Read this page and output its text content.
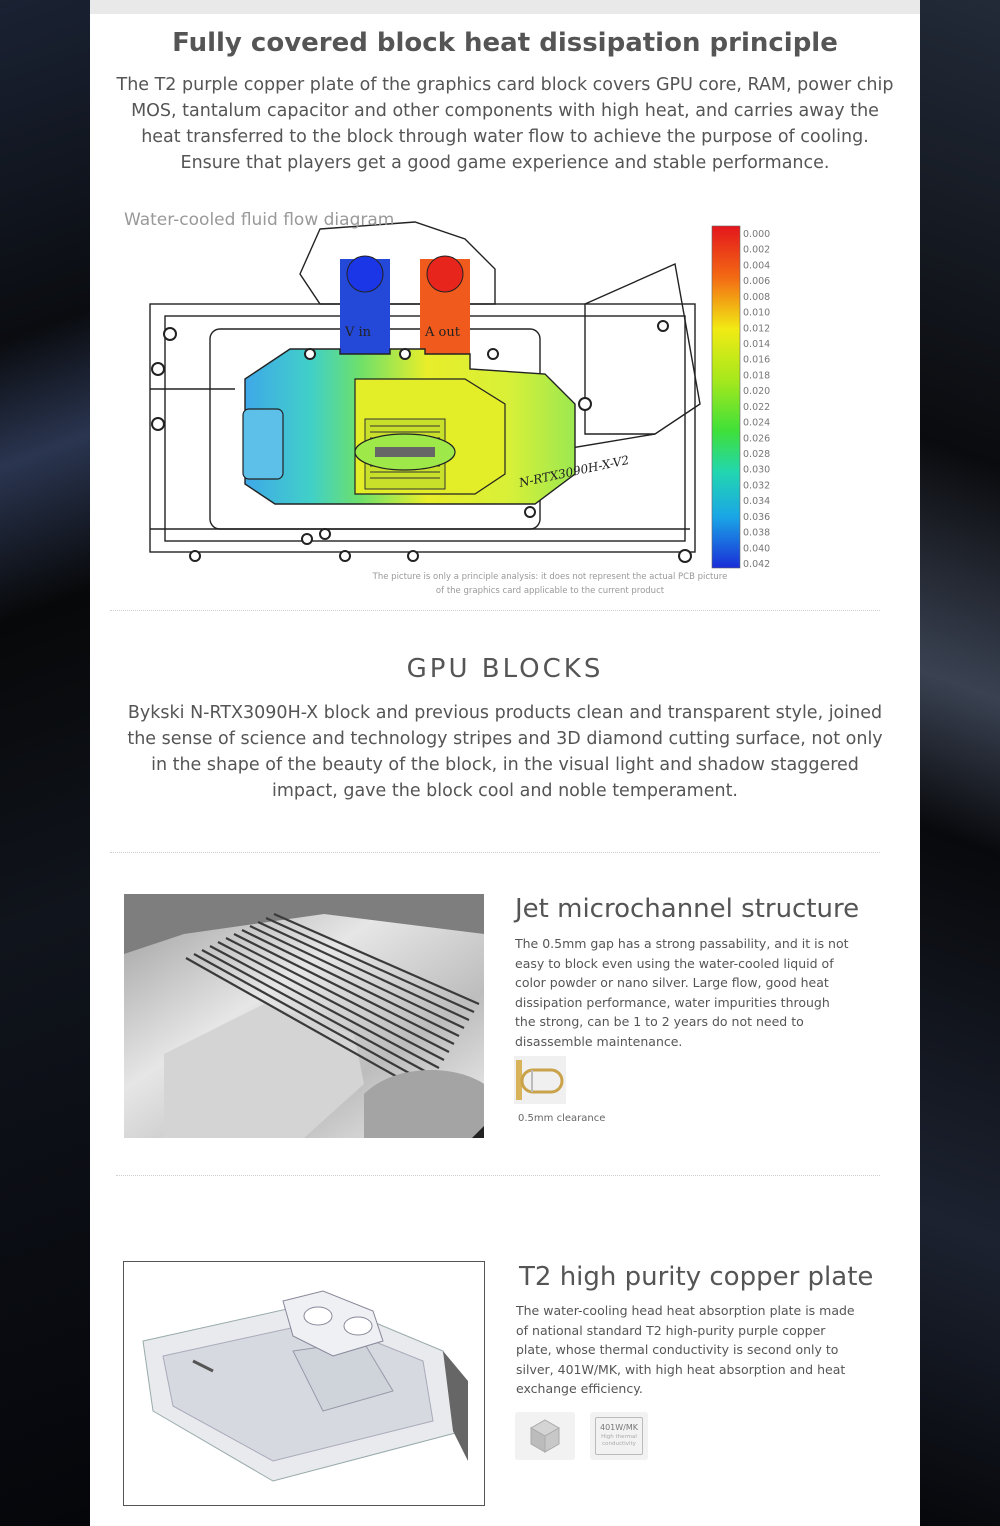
Fully covered block heat dissipation principle

The T2 purple copper plate of the graphics card block covers GPU core, RAM, power chip MOS, tantalum capacitor and other components with high heat, and carries away the heat transferred to the block through water flow to achieve the purpose of cooling. Ensure that players get a good game experience and stable performance.

V in	A out
N-RTX3090H-X-V2
0.000
0.002
0.004
0.006
0.008
0.010
0.012
0.014
0.016
0.018
0.020
0.022
0.024
0.026
0.028
0.030
0.032
0.034
0.036
0.038
0.040
0.042
Water-cooled fluid flow diagram
The picture is only a principle analysis: it does not represent the actual PCB picture
of the graphics card applicable to the current product
GPU BLOCKS

Bykski N-RTX3090H-X block and previous products clean and transparent style, joined the sense of science and technology stripes and 3D diamond cutting surface, not only in the shape of the beauty of the block, in the visual light and shadow staggered impact, gave the block cool and noble temperament.

Jet microchannel structure

The 0.5mm gap has a strong passability, and it is not easy to block even using the water-cooled liquid of color powder or nano silver. Large flow, good heat dissipation performance, water impurities through the strong, can be 1 to 2 years do not need to disassemble maintenance.

0.5mm clearance
T2 high purity copper plate

The water-cooling head heat absorption plate is made of national standard T2 high-purity purple copper plate, whose thermal conductivity is second only to silver, 401W/MK, with high heat absorption and heat exchange efficiency.

401W/MK
High thermal
conductivity
